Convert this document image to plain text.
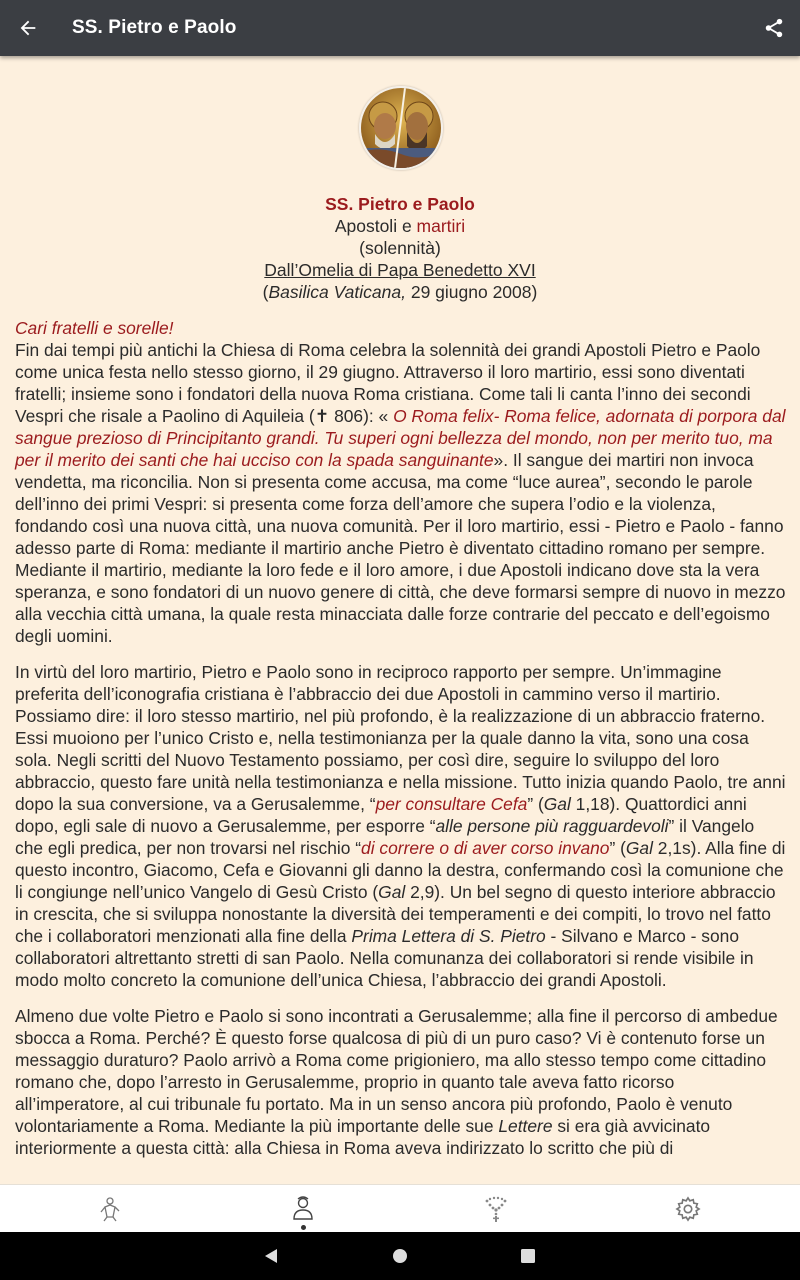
SS. Pietro e Paolo
SS. Pietro e Paolo
Apostoli e martiri
(solennità)
Dall’Omelia di Papa Benedetto XVI
(Basilica Vaticana, 29 giugno 2008)

Cari fratelli e sorelle!
Fin dai tempi più antichi la Chiesa di Roma celebra la solennità dei grandi Apostoli Pietro e Paolo come unica festa nello stesso giorno, il 29 giugno. Attraverso il loro martirio, essi sono diventati fratelli; insieme sono i fondatori della nuova Roma cristiana. Come tali li canta l’inno dei secondi Vespri che risale a Paolino di Aquileia (✝ 806): « O Roma felix- Roma felice, adornata di porpora dal sangue prezioso di Principitanto grandi. Tu superi ogni bellezza del mondo, non per merito tuo, ma per il merito dei santi che hai ucciso con la spada sanguinante». Il sangue dei martiri non invoca vendetta, ma riconcilia. Non si presenta come accusa, ma come “luce aurea”, secondo le parole dell’inno dei primi Vespri: si presenta come forza dell’amore che supera l’odio e la violenza, fondando così una nuova città, una nuova comunità. Per il loro martirio, essi - Pietro e Paolo - fanno adesso parte di Roma: mediante il martirio anche Pietro è diventato cittadino romano per sempre. Mediante il martirio, mediante la loro fede e il loro amore, i due Apostoli indicano dove sta la vera speranza, e sono fondatori di un nuovo genere di città, che deve formarsi sempre di nuovo in mezzo alla vecchia città umana, la quale resta minacciata dalle forze contrarie del peccato e dell’egoismo degli uomini.

In virtù del loro martirio, Pietro e Paolo sono in reciproco rapporto per sempre. Un’immagine preferita dell’iconografia cristiana è l’abbraccio dei due Apostoli in cammino verso il martirio. Possiamo dire: il loro stesso martirio, nel più profondo, è la realizzazione di un abbraccio fraterno. Essi muoiono per l’unico Cristo e, nella testimonianza per la quale danno la vita, sono una cosa sola. Negli scritti del Nuovo Testamento possiamo, per così dire, seguire lo sviluppo del loro abbraccio, questo fare unità nella testimonianza e nella missione. Tutto inizia quando Paolo, tre anni dopo la sua conversione, va a Gerusalemme, “per consultare Cefa” (Gal 1,18). Quattordici anni dopo, egli sale di nuovo a Gerusalemme, per esporre “alle persone più ragguardevoli” il Vangelo che egli predica, per non trovarsi nel rischio “di correre o di aver corso invano” (Gal 2,1s). Alla fine di questo incontro, Giacomo, Cefa e Giovanni gli danno la destra, confermando così la comunione che li congiunge nell’unico Vangelo di Gesù Cristo (Gal 2,9). Un bel segno di questo interiore abbraccio in crescita, che si sviluppa nonostante la diversità dei temperamenti e dei compiti, lo trovo nel fatto che i collaboratori menzionati alla fine della Prima Lettera di S. Pietro - Silvano e Marco - sono collaboratori altrettanto stretti di san Paolo. Nella comunanza dei collaboratori si rende visibile in modo molto concreto la comunione dell’unica Chiesa, l’abbraccio dei grandi Apostoli.

Almeno due volte Pietro e Paolo si sono incontrati a Gerusalemme; alla fine il percorso di ambedue sbocca a Roma. Perché? È questo forse qualcosa di più di un puro caso? Vi è contenuto forse un messaggio duraturo? Paolo arrivò a Roma come prigioniero, ma allo stesso tempo come cittadino romano che, dopo l’arresto in Gerusalemme, proprio in quanto tale aveva fatto ricorso all’imperatore, al cui tribunale fu portato. Ma in un senso ancora più profondo, Paolo è venuto volontariamente a Roma. Mediante la più importante delle sue Lettere si era già avvicinato interiormente a questa città: alla Chiesa in Roma aveva indirizzato lo scritto che più di
